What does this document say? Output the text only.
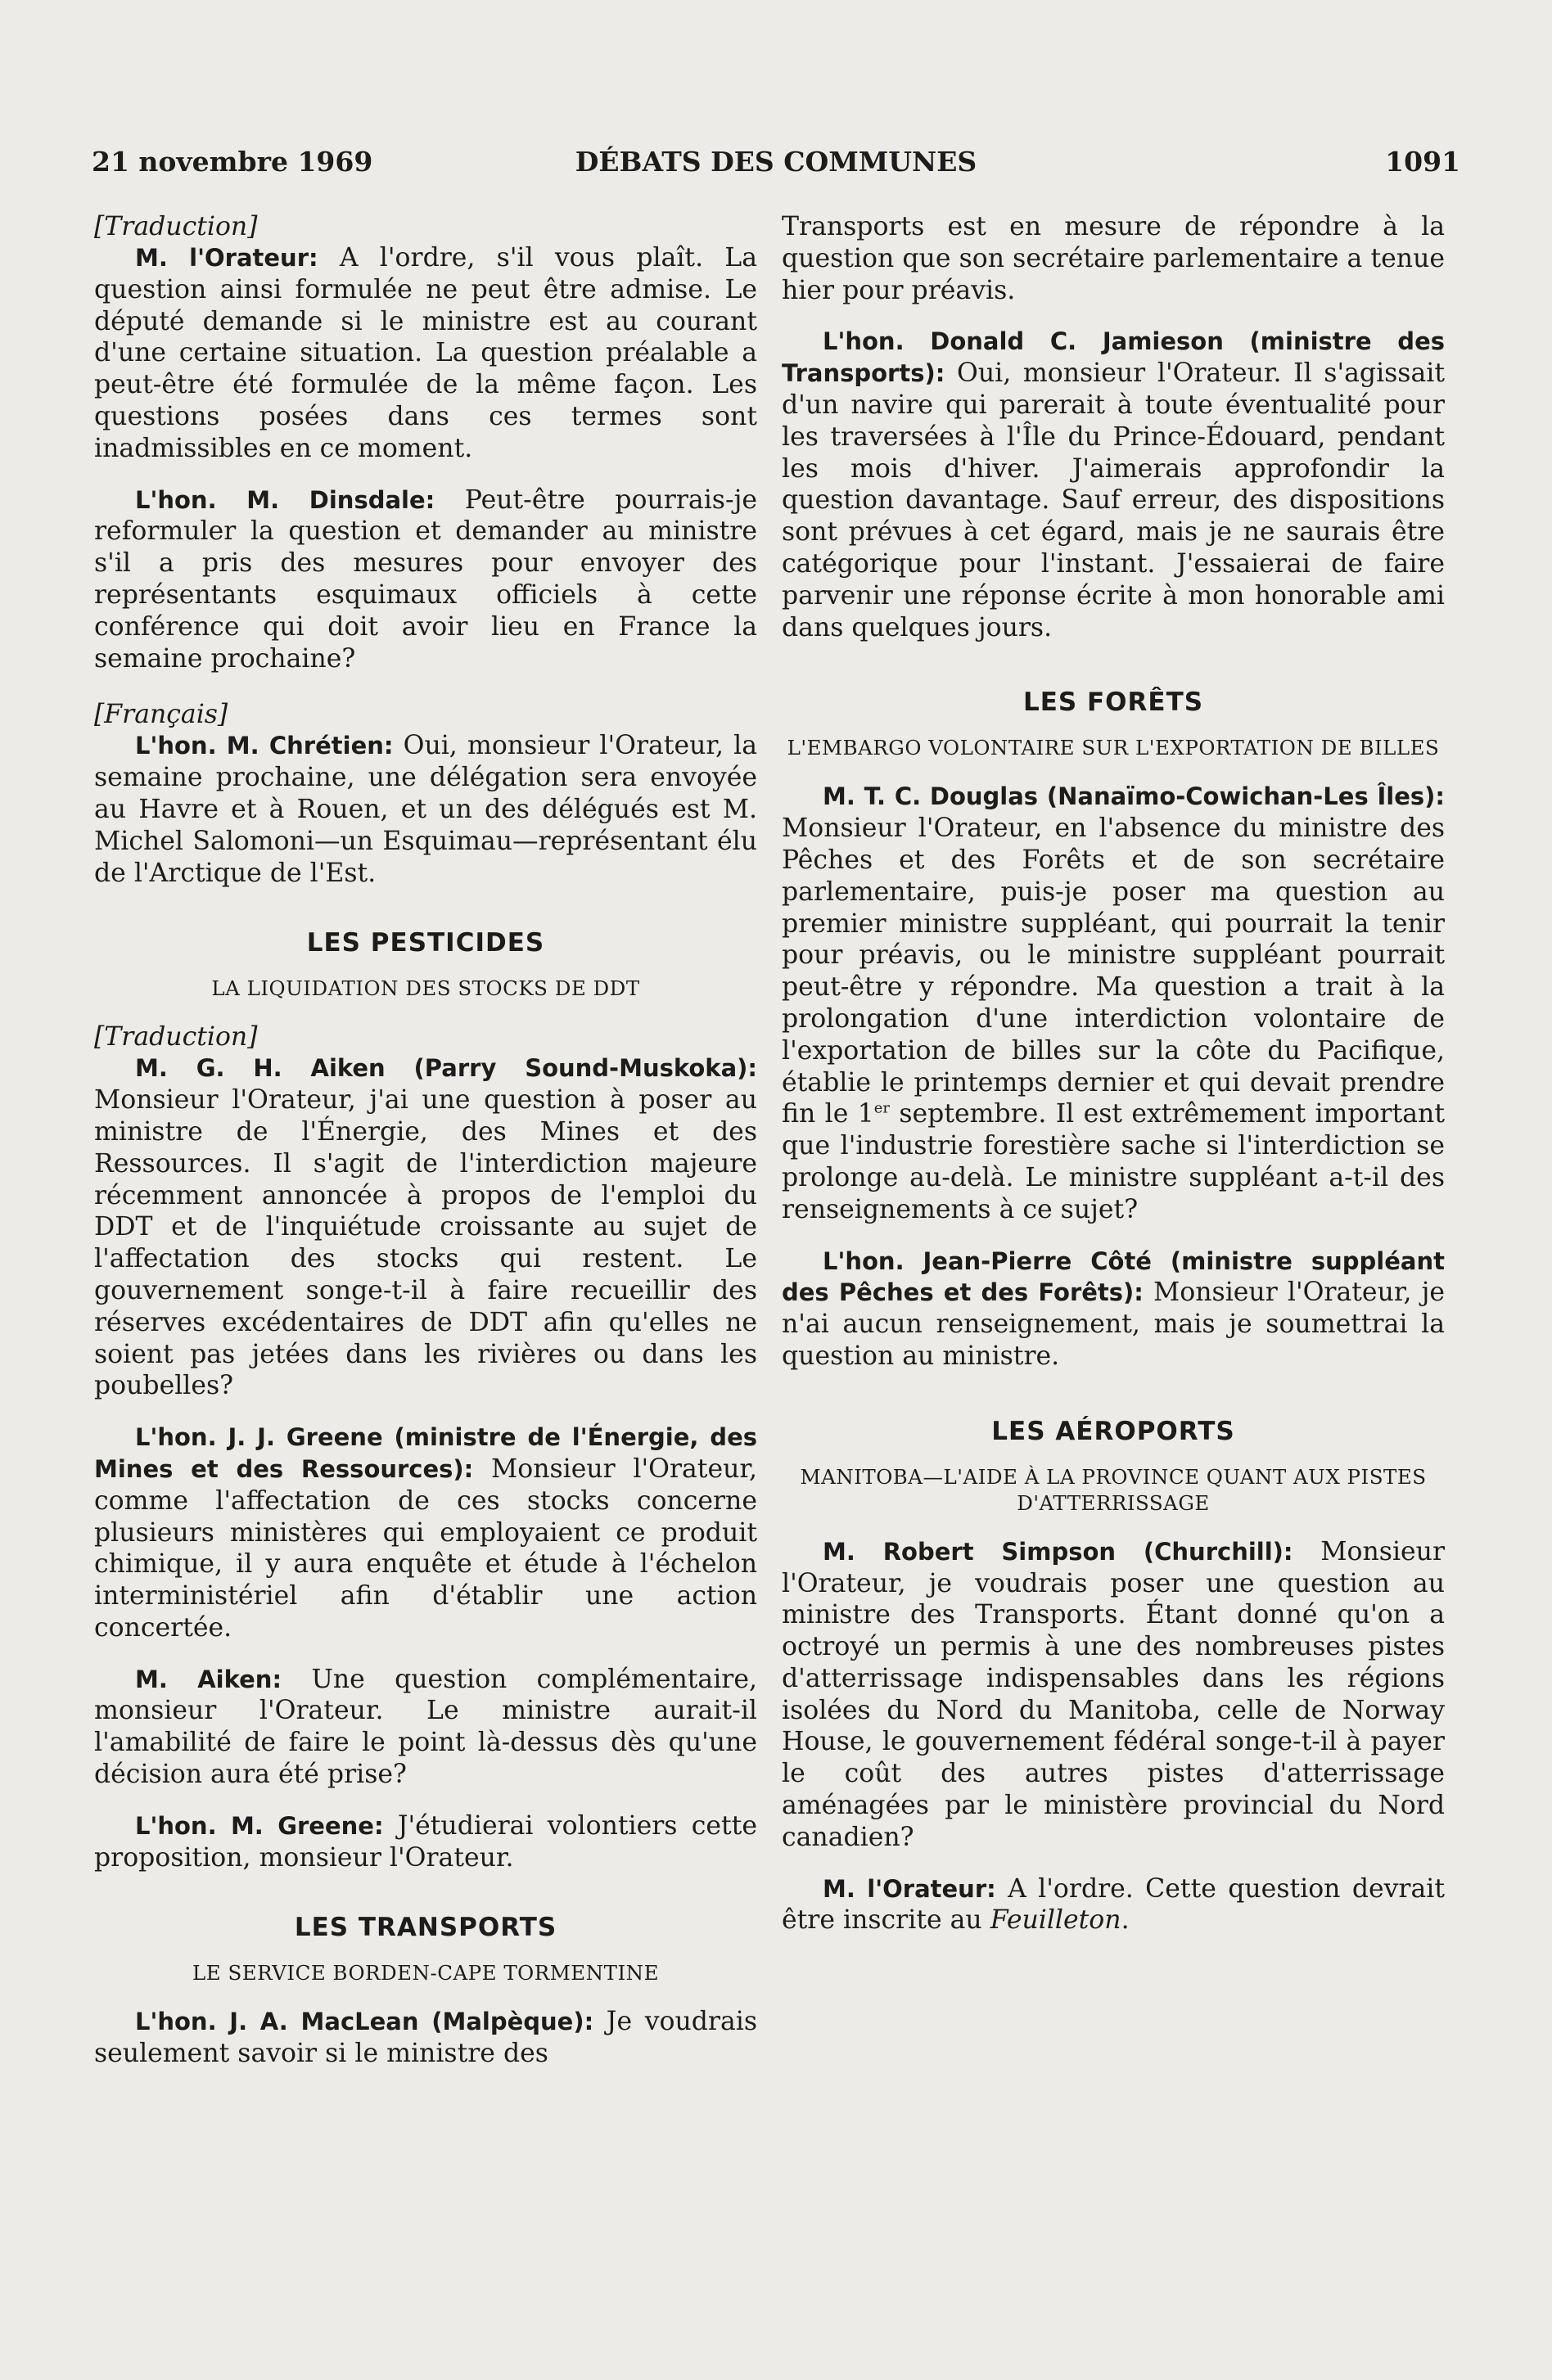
21 novembre 1969	DÉBATS DES COMMUNES	1091
[Traduction]

M. l'Orateur: A l'ordre, s'il vous plaît. La question ainsi formulée ne peut être admise. Le député demande si le ministre est au courant d'une certaine situation. La question préalable a peut-être été formulée de la même façon. Les questions posées dans ces termes sont inadmissibles en ce moment.

L'hon. M. Dinsdale: Peut-être pourrais-je reformuler la question et demander au ministre s'il a pris des mesures pour envoyer des représentants esquimaux officiels à cette conférence qui doit avoir lieu en France la semaine prochaine?

[Français]

L'hon. M. Chrétien: Oui, monsieur l'Orateur, la semaine prochaine, une délégation sera envoyée au Havre et à Rouen, et un des délégués est M. Michel Salomoni—un Esquimau—représentant élu de l'Arctique de l'Est.

LES PESTICIDES
LA LIQUIDATION DES STOCKS DE DDT
[Traduction]

M. G. H. Aiken (Parry Sound-Muskoka): Monsieur l'Orateur, j'ai une question à poser au ministre de l'Énergie, des Mines et des Ressources. Il s'agit de l'interdiction majeure récemment annoncée à propos de l'emploi du DDT et de l'inquiétude croissante au sujet de l'affectation des stocks qui restent. Le gouvernement songe-t-il à faire recueillir des réserves excédentaires de DDT afin qu'elles ne soient pas jetées dans les rivières ou dans les poubelles?

L'hon. J. J. Greene (ministre de l'Énergie, des Mines et des Ressources): Monsieur l'Orateur, comme l'affectation de ces stocks concerne plusieurs ministères qui employaient ce produit chimique, il y aura enquête et étude à l'échelon interministériel afin d'établir une action concertée.

M. Aiken: Une question complémentaire, monsieur l'Orateur. Le ministre aurait-il l'amabilité de faire le point là-dessus dès qu'une décision aura été prise?

L'hon. M. Greene: J'étudierai volontiers cette proposition, monsieur l'Orateur.

LES TRANSPORTS
LE SERVICE BORDEN-CAPE TORMENTINE

L'hon. J. A. MacLean (Malpèque): Je voudrais seulement savoir si le ministre des

Transports est en mesure de répondre à la question que son secrétaire parlementaire a tenue hier pour préavis.

L'hon. Donald C. Jamieson (ministre des Transports): Oui, monsieur l'Orateur. Il s'agissait d'un navire qui parerait à toute éventualité pour les traversées à l'Île du Prince-Édouard, pendant les mois d'hiver. J'aimerais approfondir la question davantage. Sauf erreur, des dispositions sont prévues à cet égard, mais je ne saurais être catégorique pour l'instant. J'essaierai de faire parvenir une réponse écrite à mon honorable ami dans quelques jours.

LES FORÊTS
L'EMBARGO VOLONTAIRE SUR L'EXPORTATION DE BILLES

M. T. C. Douglas (Nanaïmo-Cowichan-Les Îles): Monsieur l'Orateur, en l'absence du ministre des Pêches et des Forêts et de son secrétaire parlementaire, puis-je poser ma question au premier ministre suppléant, qui pourrait la tenir pour préavis, ou le ministre suppléant pourrait peut-être y répondre. Ma question a trait à la prolongation d'une interdiction volontaire de l'exportation de billes sur la côte du Pacifique, établie le printemps dernier et qui devait prendre fin le 1er septembre. Il est extrêmement important que l'industrie forestière sache si l'interdiction se prolonge au-delà. Le ministre suppléant a-t-il des renseignements à ce sujet?

L'hon. Jean-Pierre Côté (ministre suppléant des Pêches et des Forêts): Monsieur l'Orateur, je n'ai aucun renseignement, mais je soumettrai la question au ministre.

LES AÉROPORTS
MANITOBA—L'AIDE À LA PROVINCE QUANT AUX PISTES D'ATTERRISSAGE

M. Robert Simpson (Churchill): Monsieur l'Orateur, je voudrais poser une question au ministre des Transports. Étant donné qu'on a octroyé un permis à une des nombreuses pistes d'atterrissage indispensables dans les régions isolées du Nord du Manitoba, celle de Norway House, le gouvernement fédéral songe-t-il à payer le coût des autres pistes d'atterrissage aménagées par le ministère provincial du Nord canadien?

M. l'Orateur: A l'ordre. Cette question devrait être inscrite au Feuilleton.
